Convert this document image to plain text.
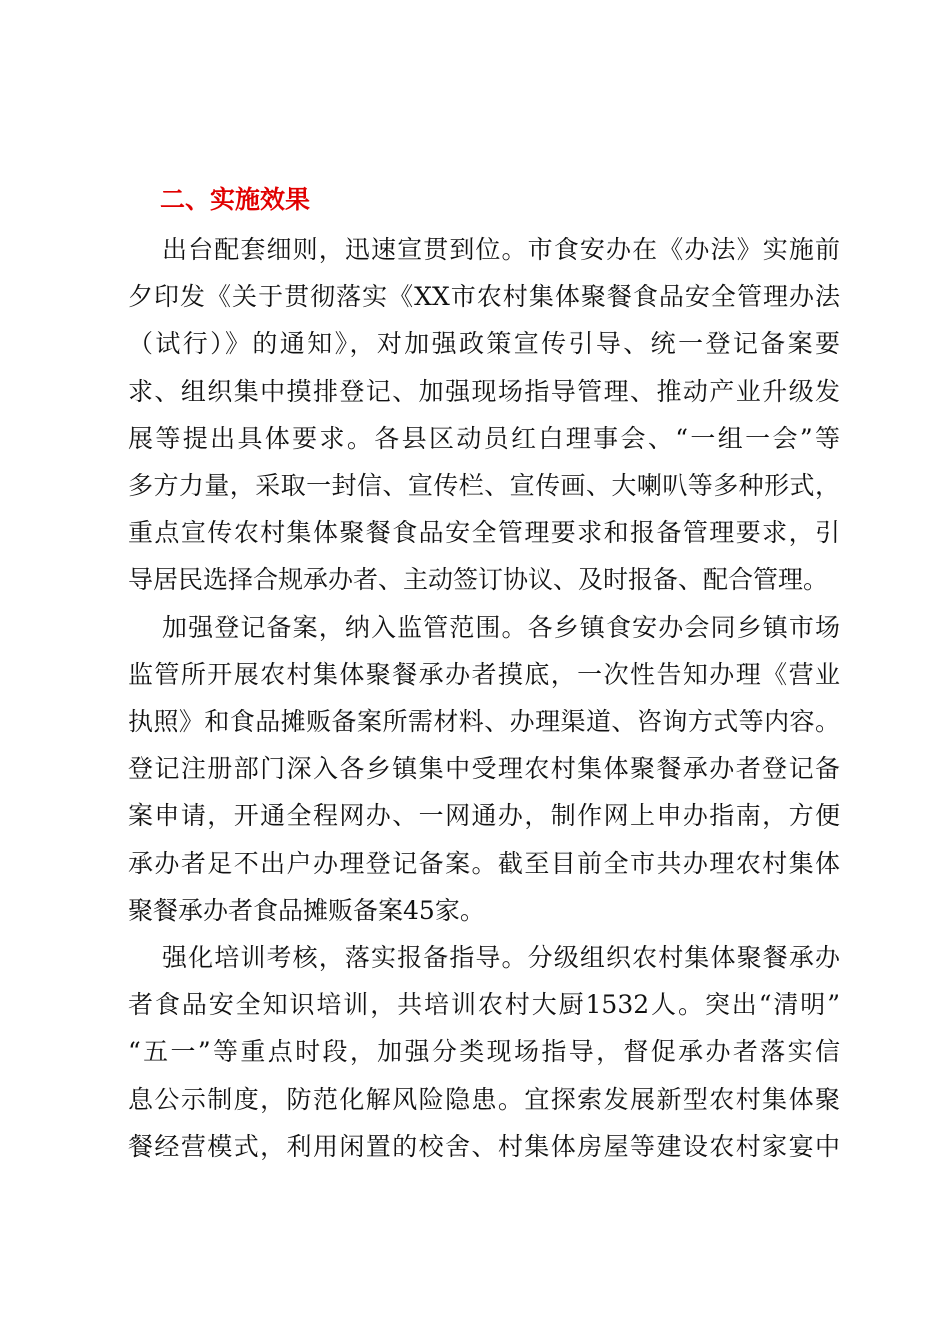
二、实施效果

出台配套细则，迅速宣贯到位。市食安办在《办法》实施前
夕印发《关于贯彻落实《XX市农村集体聚餐食品安全管理办法
（试行）》的通知》，对加强政策宣传引导、统一登记备案要
求、组织集中摸排登记、加强现场指导管理、推动产业升级发
展等提出具体要求。各县区动员红白理事会、“一组一会”等
多方力量，采取一封信、宣传栏、宣传画、大喇叭等多种形式，
重点宣传农村集体聚餐食品安全管理要求和报备管理要求，引
导居民选择合规承办者、主动签订协议、及时报备、配合管理。

加强登记备案，纳入监管范围。各乡镇食安办会同乡镇市场
监管所开展农村集体聚餐承办者摸底，一次性告知办理《营业
执照》和食品摊贩备案所需材料、办理渠道、咨询方式等内容。
登记注册部门深入各乡镇集中受理农村集体聚餐承办者登记备
案申请，开通全程网办、一网通办，制作网上申办指南，方便
承办者足不出户办理登记备案。截至目前全市共办理农村集体
聚餐承办者食品摊贩备案45家。

强化培训考核，落实报备指导。分级组织农村集体聚餐承办
者食品安全知识培训，共培训农村大厨1532人。突出“清明”
“五一”等重点时段，加强分类现场指导，督促承办者落实信
息公示制度，防范化解风险隐患。宜探索发展新型农村集体聚
餐经营模式，利用闲置的校舍、村集体房屋等建设农村家宴中
